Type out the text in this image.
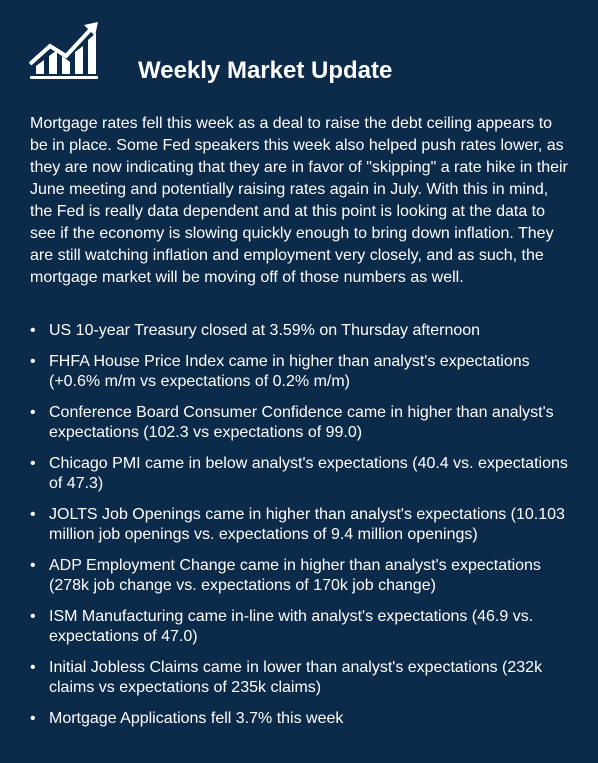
Weekly Market Update

Mortgage rates fell this week as a deal to raise the debt ceiling appears to be in place. Some Fed speakers this week also helped push rates lower, as they are now indicating that they are in favor of "skipping" a rate hike in their June meeting and potentially raising rates again in July. With this in mind, the Fed is really data dependent and at this point is looking at the data to see if the economy is slowing quickly enough to bring down inflation. They are still watching inflation and employment very closely, and as such, the mortgage market will be moving off of those numbers as well.

• US 10-year Treasury closed at 3.59% on Thursday afternoon
• FHFA House Price Index came in higher than analyst's expectations (+0.6% m/m vs expectations of 0.2% m/m)
• Conference Board Consumer Confidence came in higher than analyst's expectations (102.3 vs expectations of 99.0)
• Chicago PMI came in below analyst's expectations (40.4 vs. expectations of 47.3)
• JOLTS Job Openings came in higher than analyst's expectations (10.103 million job openings vs. expectations of 9.4 million openings)
• ADP Employment Change came in higher than analyst's expectations (278k job change vs. expectations of 170k job change)
• ISM Manufacturing came in-line with analyst's expectations (46.9 vs. expectations of 47.0)
• Initial Jobless Claims came in lower than analyst's expectations (232k claims vs expectations of 235k claims)
• Mortgage Applications fell 3.7% this week
